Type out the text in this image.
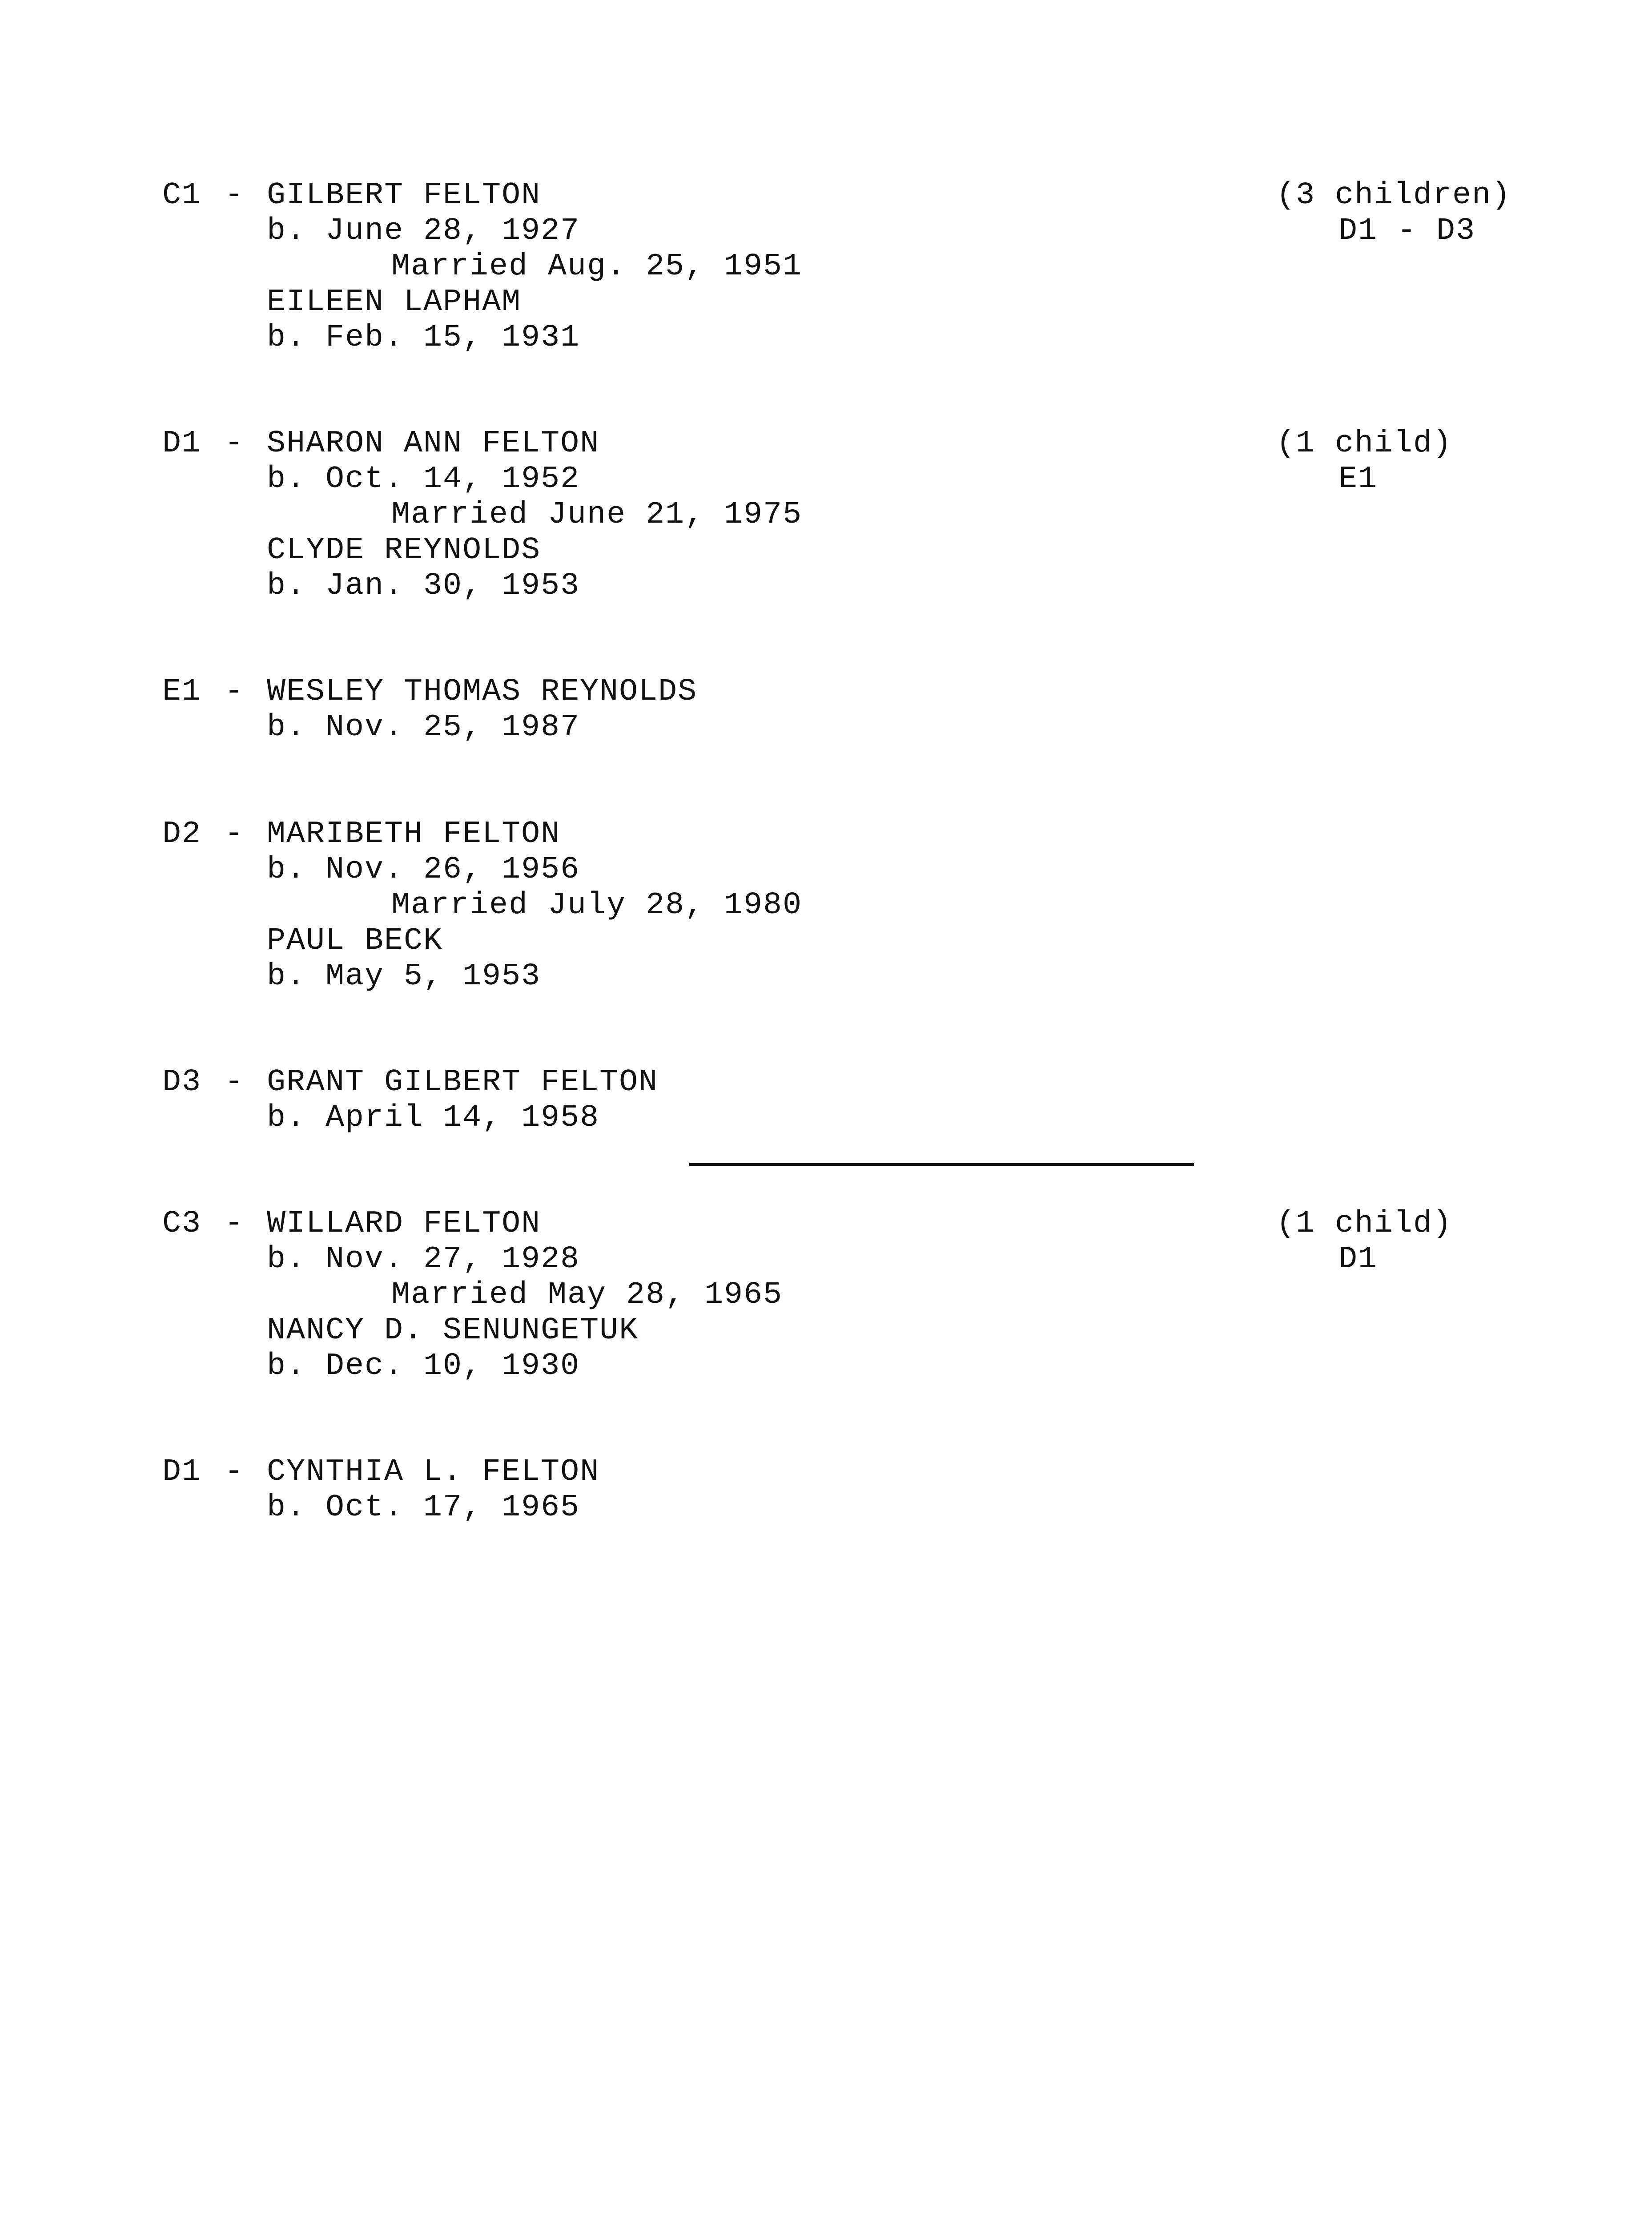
C1 - GILBERT FELTON
b. June 28, 1927
Married Aug. 25, 1951
EILEEN LAPHAM
b. Feb. 15, 1931
(3 children)
D1 - D3
D1 - SHARON ANN FELTON
b. Oct. 14, 1952
Married June 21, 1975
CLYDE REYNOLDS
b. Jan. 30, 1953
(1 child)
E1
E1 - WESLEY THOMAS REYNOLDS
b. Nov. 25, 1987
D2 - MARIBETH FELTON
b. Nov. 26, 1956
Married July 28, 1980
PAUL BECK
b. May 5, 1953
D3 - GRANT GILBERT FELTON
b. April 14, 1958
C3 - WILLARD FELTON
b. Nov. 27, 1928
Married May 28, 1965
NANCY D. SENUNGETUK
b. Dec. 10, 1930
(1 child)
D1
D1 - CYNTHIA L. FELTON
b. Oct. 17, 1965
